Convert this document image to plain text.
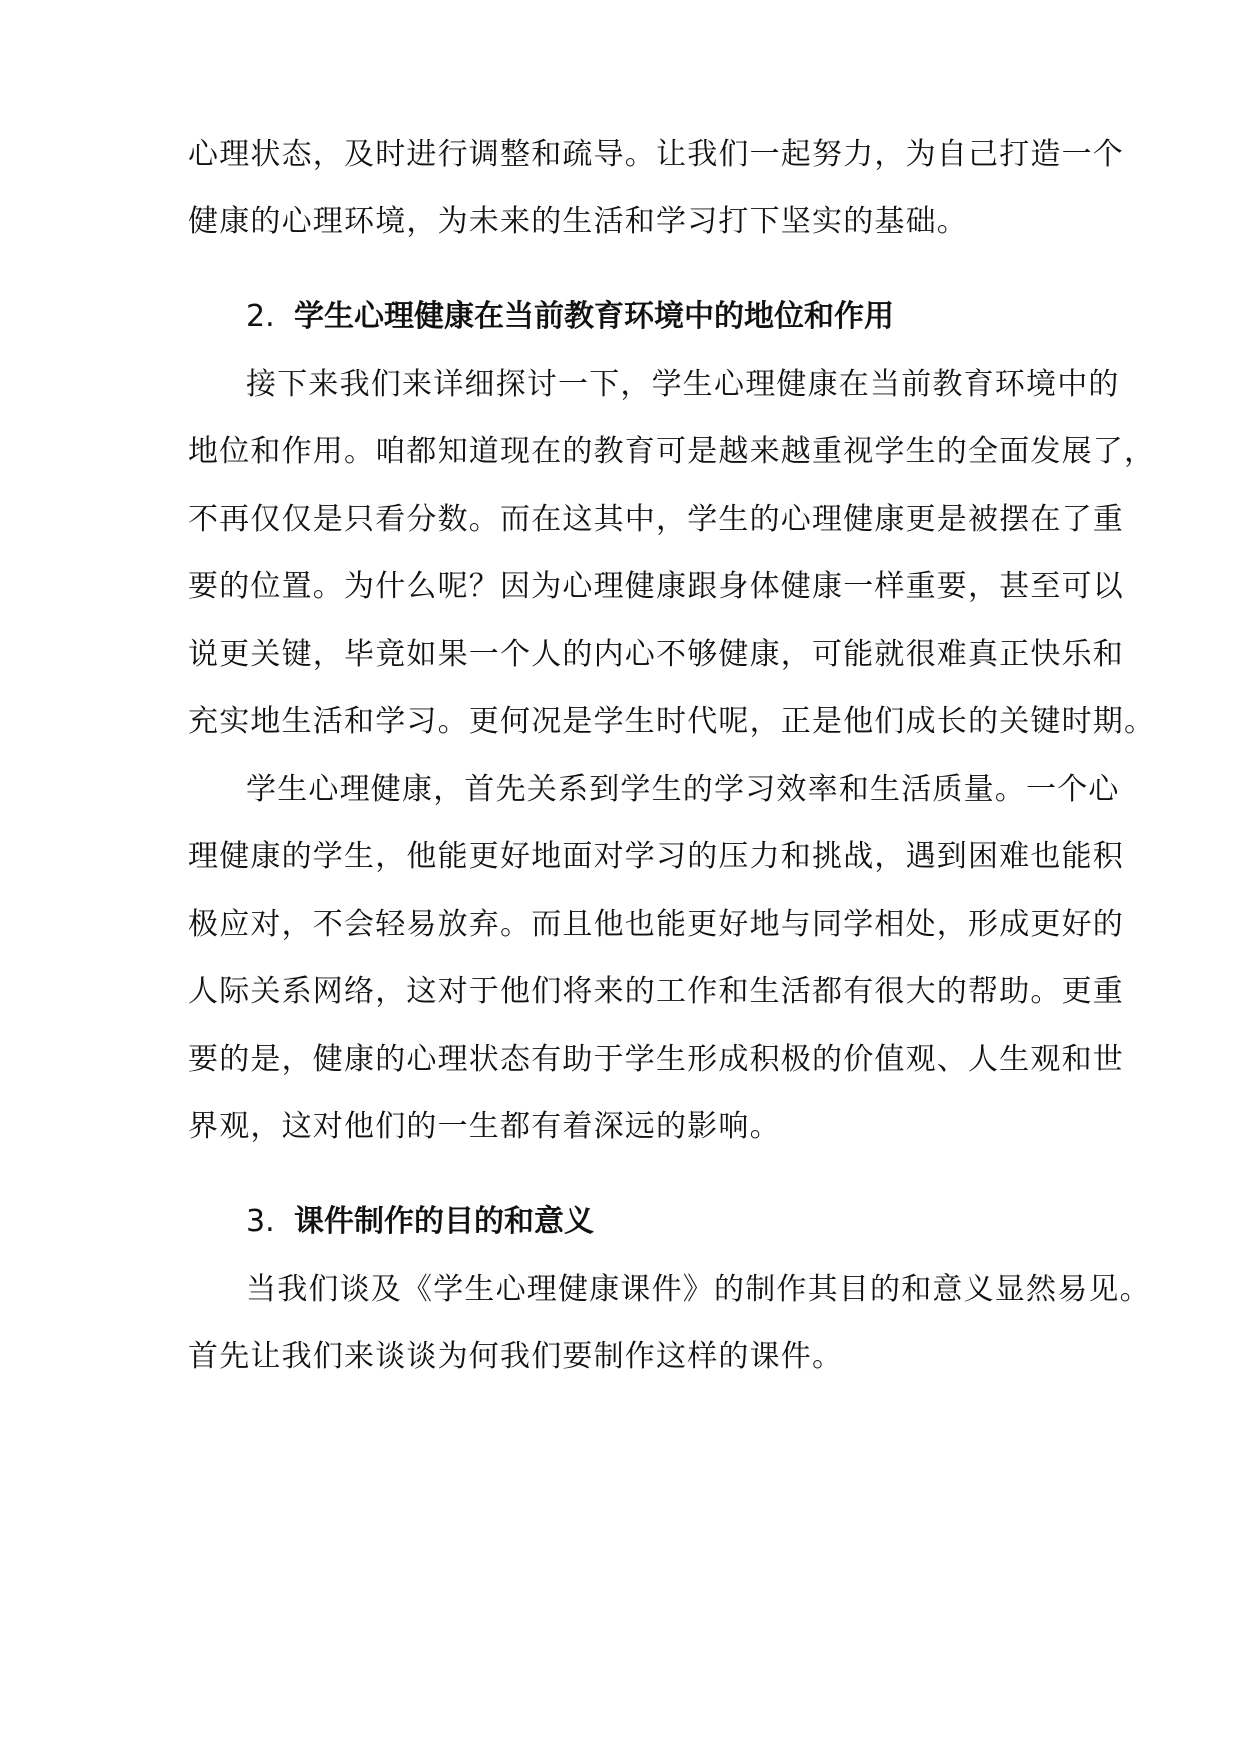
心理状态，及时进行调整和疏导。让我们一起努力，为自己打造一个

健康的心理环境，为未来的生活和学习打下坚实的基础。

2. 学生心理健康在当前教育环境中的地位和作用

接下来我们来详细探讨一下，学生心理健康在当前教育环境中的

地位和作用。咱都知道现在的教育可是越来越重视学生的全面发展了，

不再仅仅是只看分数。而在这其中，学生的心理健康更是被摆在了重

要的位置。为什么呢？因为心理健康跟身体健康一样重要，甚至可以

说更关键，毕竟如果一个人的内心不够健康，可能就很难真正快乐和

充实地生活和学习。更何况是学生时代呢，正是他们成长的关键时期。

学生心理健康，首先关系到学生的学习效率和生活质量。一个心

理健康的学生，他能更好地面对学习的压力和挑战，遇到困难也能积

极应对，不会轻易放弃。而且他也能更好地与同学相处，形成更好的

人际关系网络，这对于他们将来的工作和生活都有很大的帮助。更重

要的是，健康的心理状态有助于学生形成积极的价值观、人生观和世

界观，这对他们的一生都有着深远的影响。

3. 课件制作的目的和意义

当我们谈及《学生心理健康课件》的制作其目的和意义显然易见。

首先让我们来谈谈为何我们要制作这样的课件。
